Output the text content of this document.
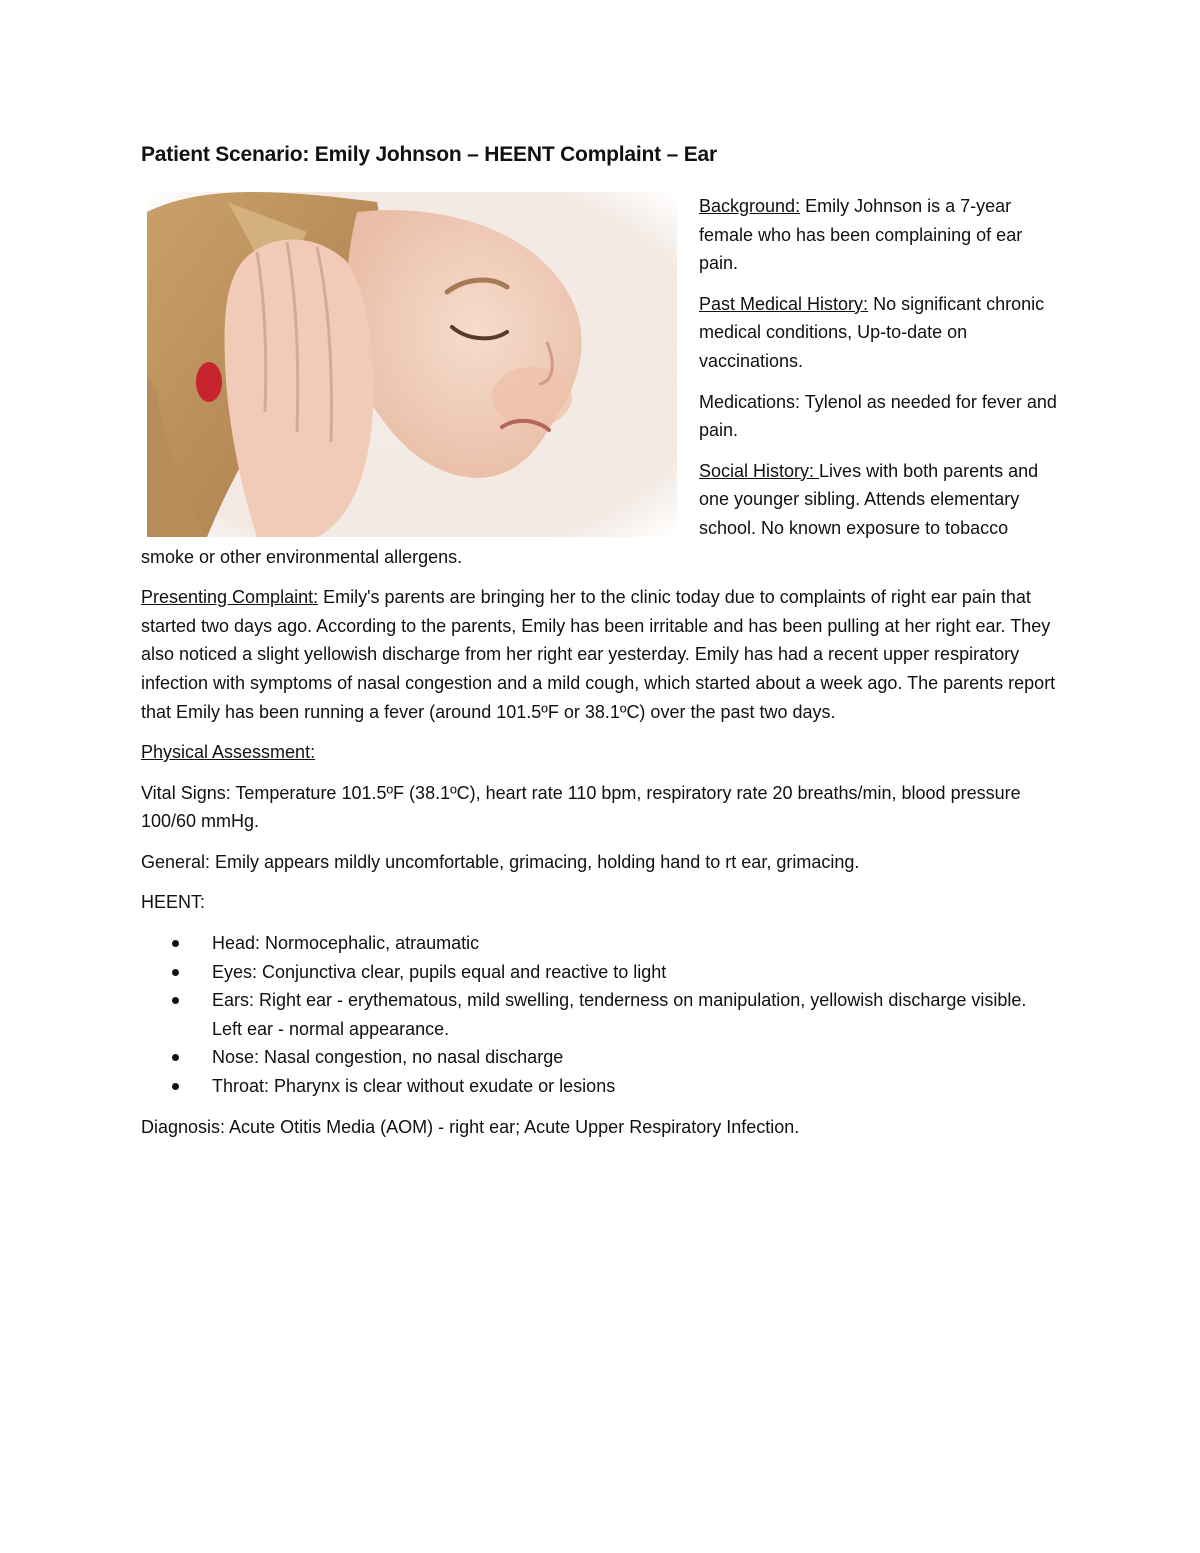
Patient Scenario: Emily Johnson – HEENT Complaint – Ear

Background: Emily Johnson is a 7-year female who has been complaining of ear pain.

Past Medical History: No significant chronic medical conditions, Up-to-date on vaccinations.

Medications: Tylenol as needed for fever and pain.

Social History: Lives with both parents and one younger sibling. Attends elementary school. No known exposure to tobacco smoke or other environmental allergens.

Presenting Complaint: Emily's parents are bringing her to the clinic today due to complaints of right ear pain that started two days ago. According to the parents, Emily has been irritable and has been pulling at her right ear. They also noticed a slight yellowish discharge from her right ear yesterday. Emily has had a recent upper respiratory infection with symptoms of nasal congestion and a mild cough, which started about a week ago. The parents report that Emily has been running a fever (around 101.5ºF or 38.1ºC) over the past two days.

Physical Assessment:

Vital Signs: Temperature 101.5ºF (38.1ºC), heart rate 110 bpm, respiratory rate 20 breaths/min, blood pressure 100/60 mmHg.

General: Emily appears mildly uncomfortable, grimacing, holding hand to rt ear, grimacing.

HEENT:

Head: Normocephalic, atraumatic
Eyes: Conjunctiva clear, pupils equal and reactive to light
Ears: Right ear - erythematous, mild swelling, tenderness on manipulation, yellowish discharge visible. Left ear - normal appearance.
Nose: Nasal congestion, no nasal discharge
Throat: Pharynx is clear without exudate or lesions

Diagnosis: Acute Otitis Media (AOM) - right ear; Acute Upper Respiratory Infection.
